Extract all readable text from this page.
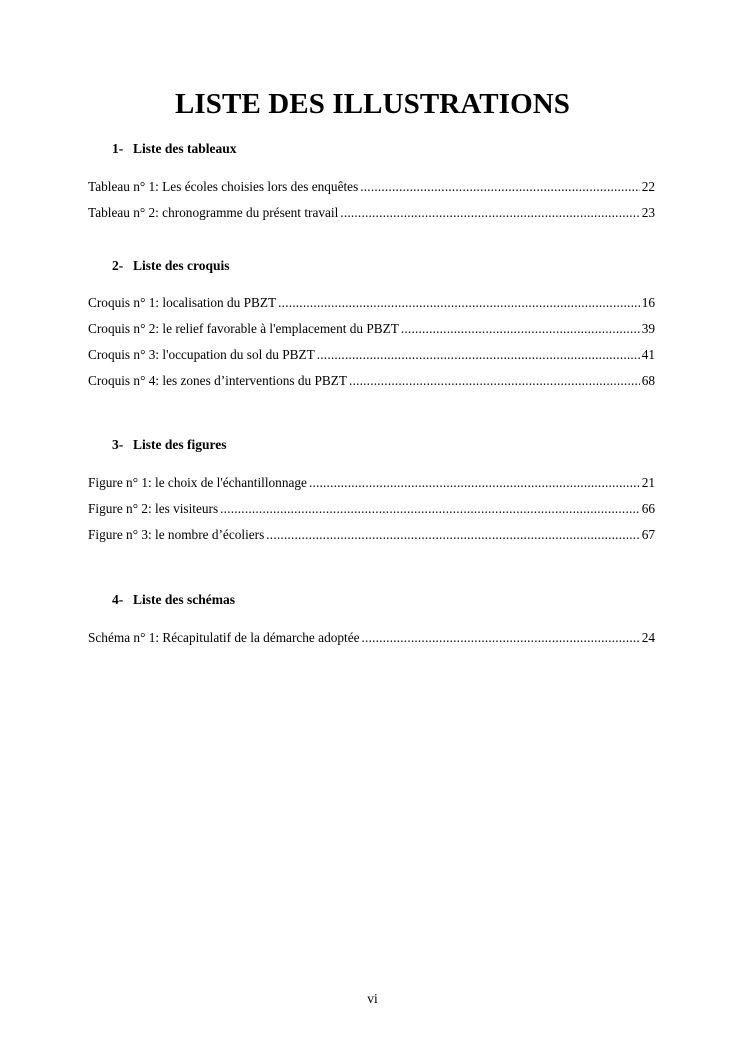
LISTE DES ILLUSTRATIONS
1- Liste des tableaux
Tableau n° 1: Les écoles choisies lors des enquêtes .....	22
Tableau n° 2: chronogramme du présent travail .....	23
2- Liste des croquis
Croquis n° 1: localisation du PBZT .....	16
Croquis n° 2: le relief favorable à l'emplacement du PBZT .....	39
Croquis n° 3: l'occupation du sol du PBZT .....	41
Croquis n° 4: les zones d’interventions du PBZT .....	68
3- Liste des figures
Figure n° 1: le choix de l'échantillonnage .....	21
Figure n° 2: les visiteurs .....	66
Figure n° 3: le nombre d’écoliers .....	67
4- Liste des schémas
Schéma n° 1: Récapitulatif de la démarche adoptée .....	24
vi
